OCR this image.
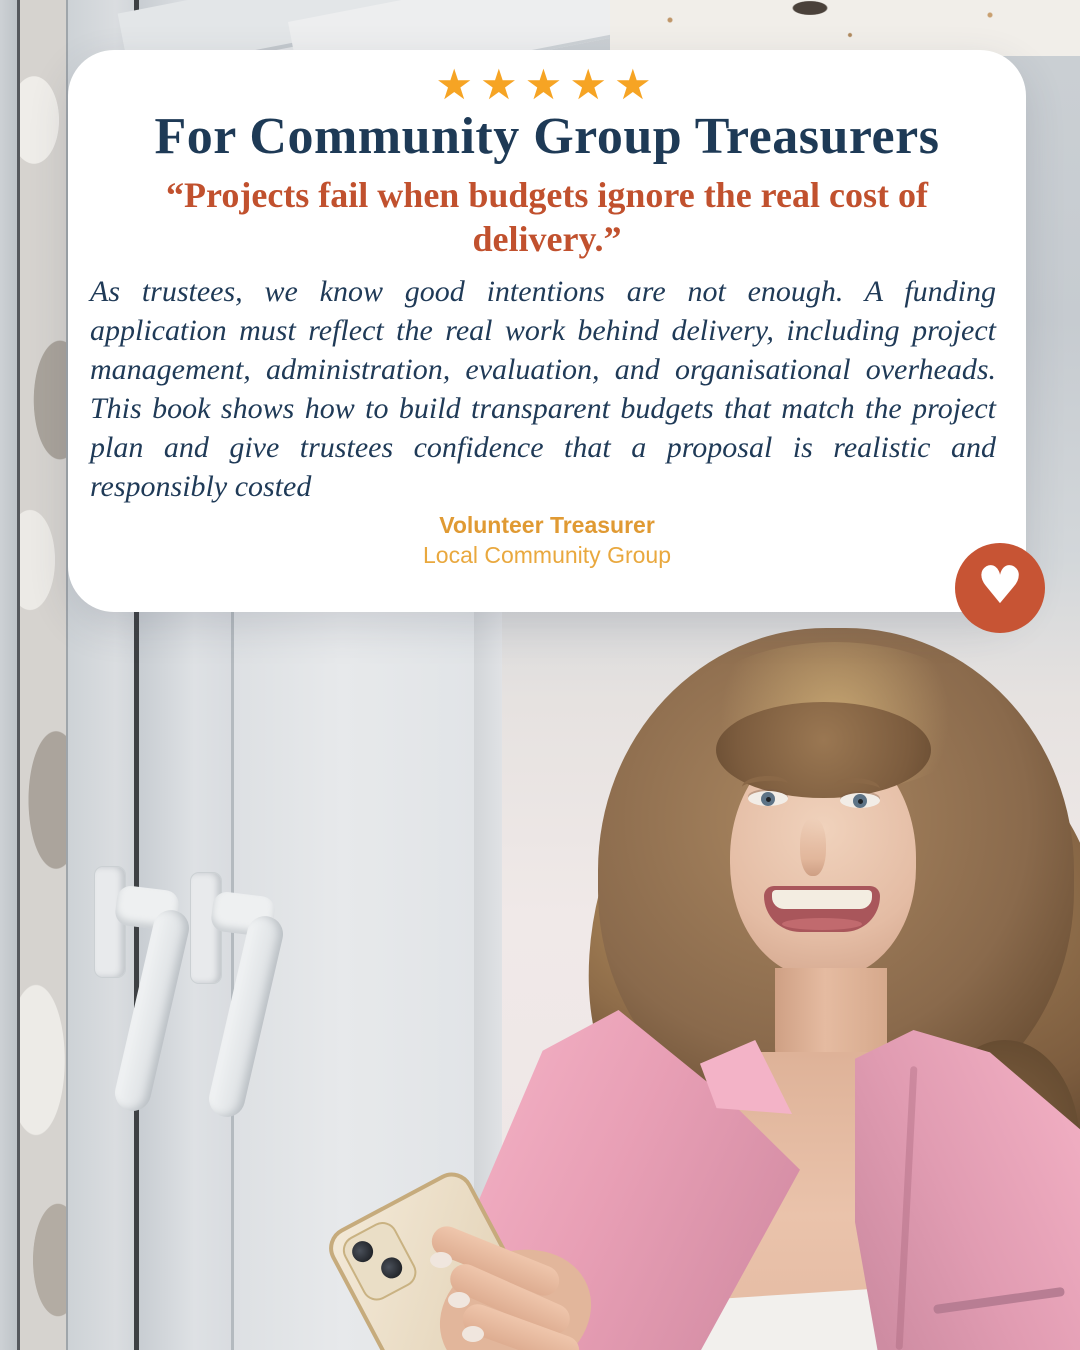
★★★★★
For Community Group Treasurers
“Projects fail when budgets ignore the real cost of delivery.”
As trustees, we know good intentions are not enough. A funding application must reflect the real work behind delivery, including project management, administration, evaluation, and organisational overheads. This book shows how to build transparent budgets that match the project plan and give trustees confidence that a proposal is realistic and responsibly costed
Volunteer Treasurer
Local Community Group
♥
